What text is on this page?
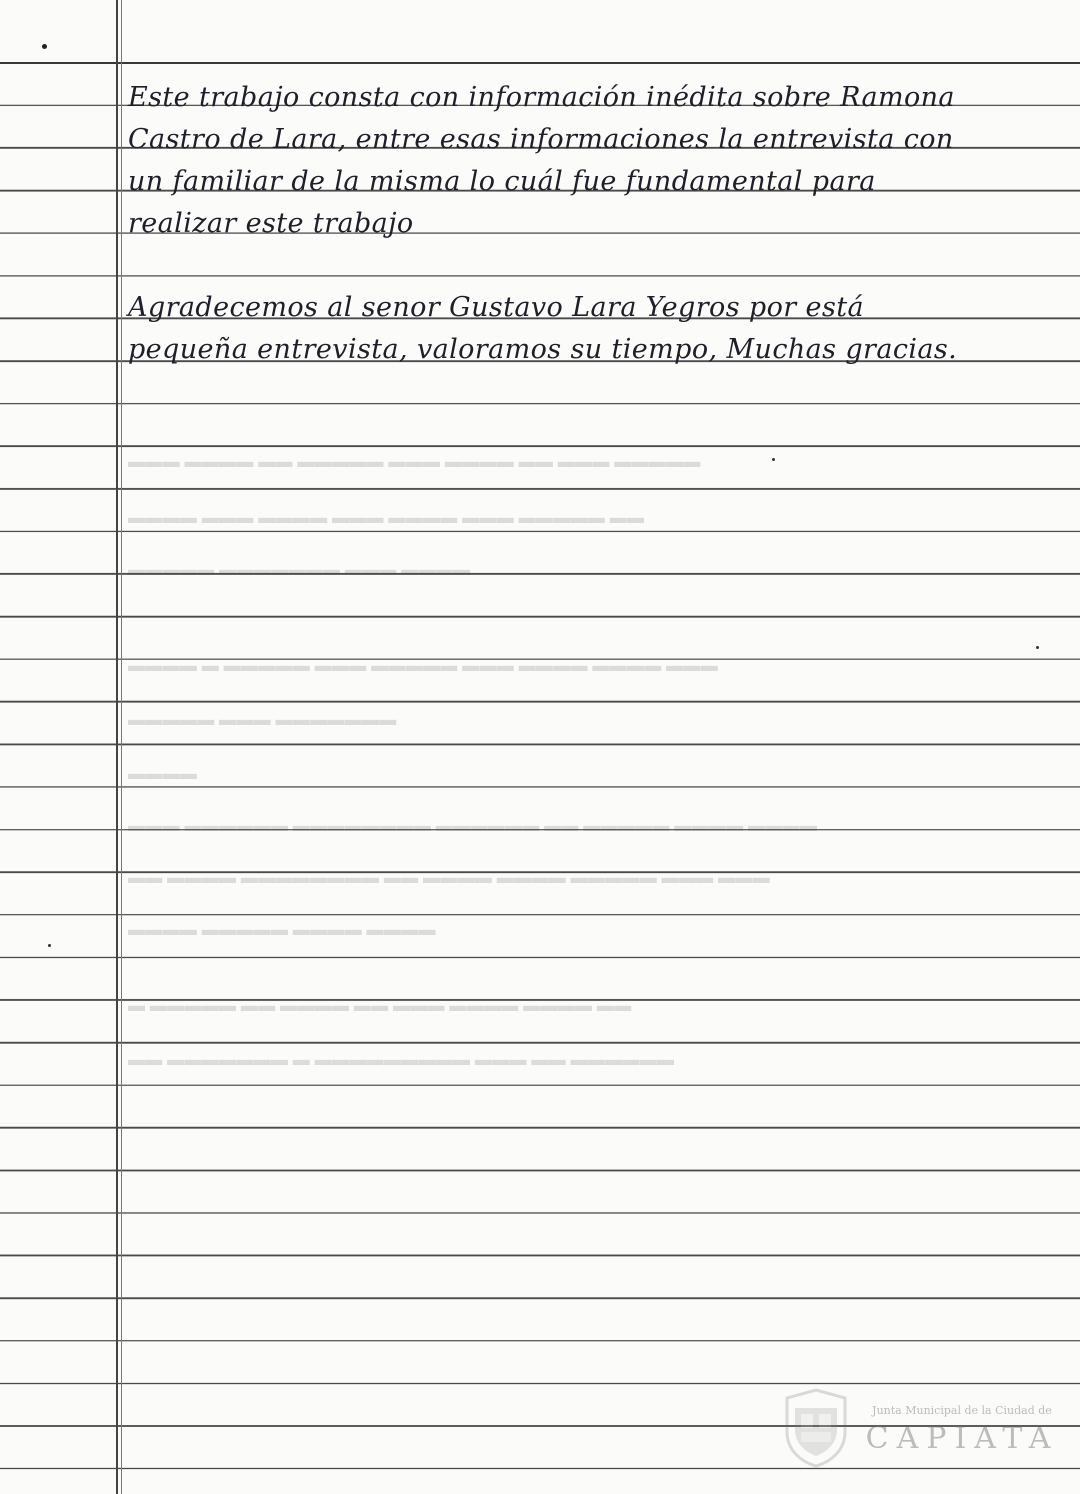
▬▬▬ ▬▬▬▬ ▬▬ ▬▬▬▬▬ ▬▬▬ ▬▬▬▬ ▬▬ ▬▬▬ ▬▬▬▬▬
▬▬▬▬ ▬▬▬ ▬▬▬▬ ▬▬▬ ▬▬▬▬ ▬▬▬ ▬▬▬▬▬ ▬▬
▬▬▬▬▬ ▬▬▬▬▬▬▬ ▬▬▬ ▬▬▬▬
▬▬▬▬ ▬ ▬▬▬▬▬ ▬▬▬ ▬▬▬▬▬ ▬▬▬ ▬▬▬▬ ▬▬▬▬ ▬▬▬
▬▬▬▬▬ ▬▬▬ ▬▬▬▬▬▬▬
▬▬▬▬
▬▬▬ ▬▬▬▬▬▬ ▬▬▬▬▬▬▬▬ ▬▬▬▬▬▬ ▬▬ ▬▬▬▬▬ ▬▬▬▬ ▬▬▬▬
▬▬ ▬▬▬▬ ▬▬▬▬▬▬▬▬ ▬▬ ▬▬▬▬ ▬▬▬▬ ▬▬▬▬▬ ▬▬▬ ▬▬▬
▬▬▬▬ ▬▬▬▬▬ ▬▬▬▬ ▬▬▬▬
▬ ▬▬▬▬▬ ▬▬ ▬▬▬▬ ▬▬ ▬▬▬ ▬▬▬▬ ▬▬▬▬ ▬▬
▬▬ ▬▬▬▬▬▬▬ ▬ ▬▬▬▬▬▬▬▬▬ ▬▬▬ ▬▬ ▬▬▬▬▬▬
Este trabajo consta con información inédita sobre Ramona
Castro de Lara, entre esas informaciones la entrevista con
un familiar de la misma lo cuál fue fundamental para
realizar este trabajo
Agradecemos al senor Gustavo Lara Yegros por está
pequeña entrevista, valoramos su tiempo, Muchas gracias.
Junta Municipal de la Ciudad de
CAPIATA
